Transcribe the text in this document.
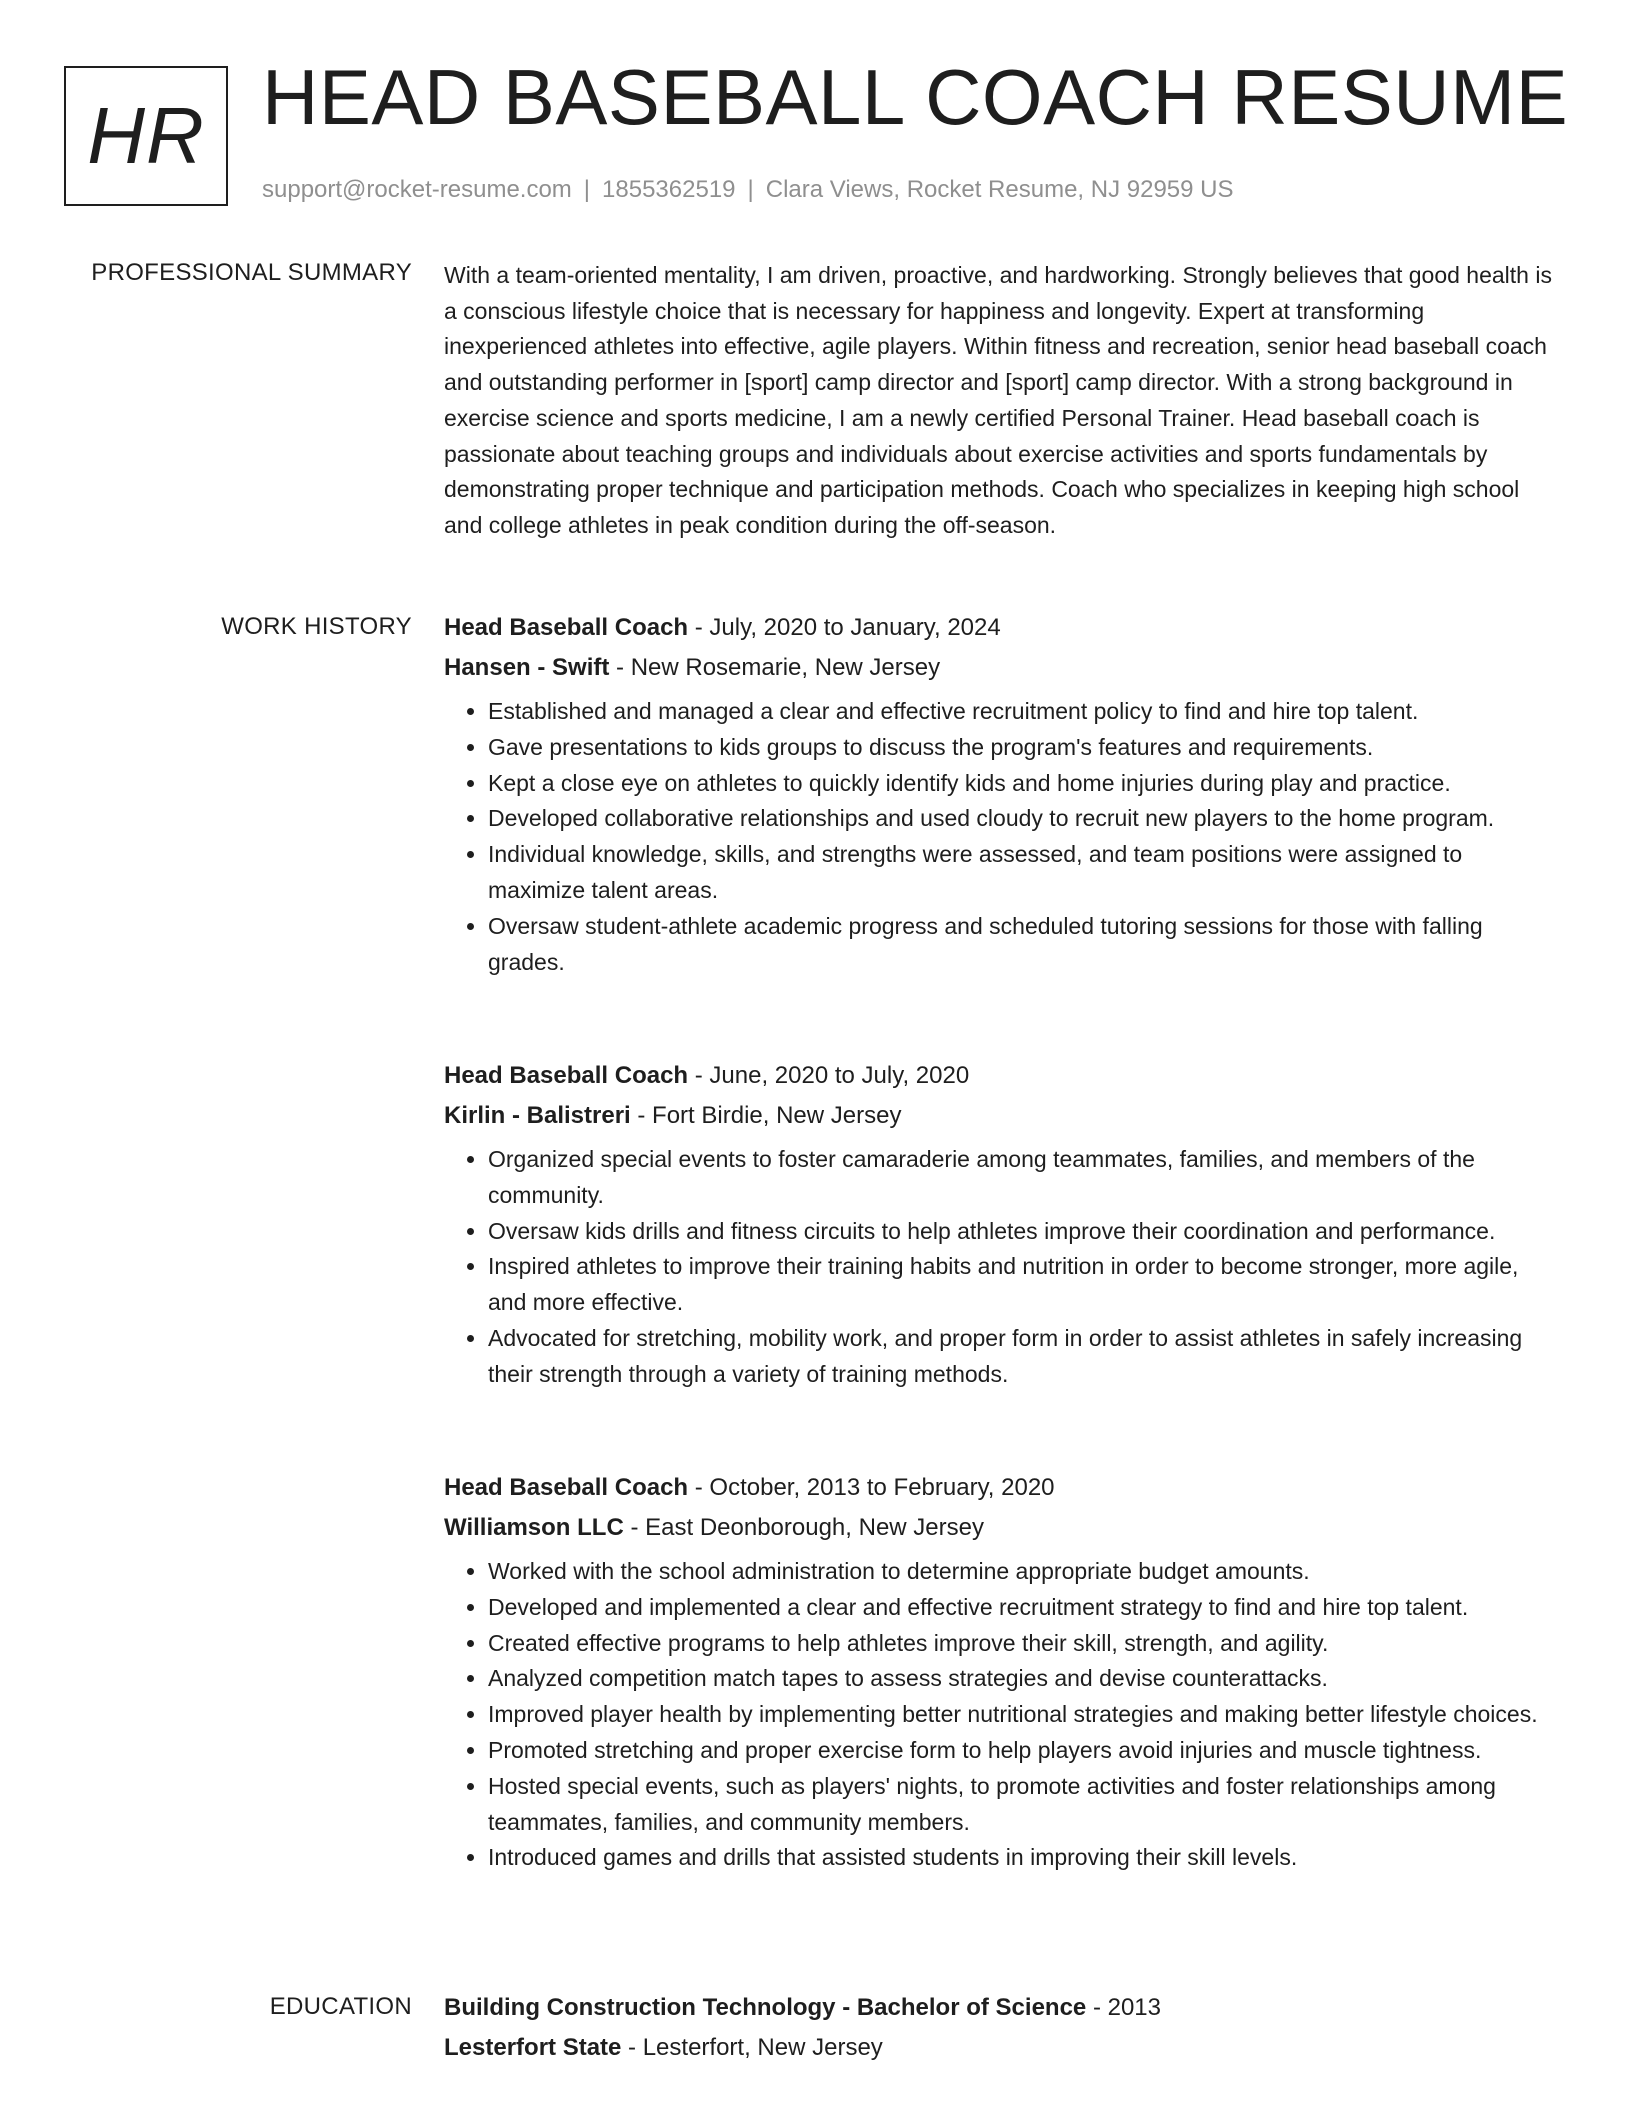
HR HEAD BASEBALL COACH RESUME
support@rocket-resume.com | 1855362519 | Clara Views, Rocket Resume, NJ 92959 US
PROFESSIONAL SUMMARY With a team-oriented mentality, I am driven, proactive, and hardworking. Strongly believes that good health is a conscious lifestyle choice that is necessary for happiness and longevity. Expert at transforming inexperienced athletes into effective, agile players. Within fitness and recreation, senior head baseball coach and outstanding performer in [sport] camp director and [sport] camp director. With a strong background in exercise science and sports medicine, I am a newly certified Personal Trainer. Head baseball coach is passionate about teaching groups and individuals about exercise activities and sports fundamentals by demonstrating proper technique and participation methods. Coach who specializes in keeping high school and college athletes in peak condition during the off-season.

WORK HISTORY Head Baseball Coach - July, 2020 to January, 2024
Hansen - Swift - New Rosemarie, New Jersey
• Established and managed a clear and effective recruitment policy to find and hire top talent.
• Gave presentations to kids groups to discuss the program's features and requirements.
• Kept a close eye on athletes to quickly identify kids and home injuries during play and practice.
• Developed collaborative relationships and used cloudy to recruit new players to the home program.
• Individual knowledge, skills, and strengths were assessed, and team positions were assigned to maximize talent areas.
• Oversaw student-athlete academic progress and scheduled tutoring sessions for those with falling grades.
Head Baseball Coach - June, 2020 to July, 2020
Kirlin - Balistreri - Fort Birdie, New Jersey
• Organized special events to foster camaraderie among teammates, families, and members of the community.
• Oversaw kids drills and fitness circuits to help athletes improve their coordination and performance.
• Inspired athletes to improve their training habits and nutrition in order to become stronger, more agile, and more effective.
• Advocated for stretching, mobility work, and proper form in order to assist athletes in safely increasing their strength through a variety of training methods.
Head Baseball Coach - October, 2013 to February, 2020
Williamson LLC - East Deonborough, New Jersey
• Worked with the school administration to determine appropriate budget amounts.
• Developed and implemented a clear and effective recruitment strategy to find and hire top talent.
• Created effective programs to help athletes improve their skill, strength, and agility.
• Analyzed competition match tapes to assess strategies and devise counterattacks.
• Improved player health by implementing better nutritional strategies and making better lifestyle choices.
• Promoted stretching and proper exercise form to help players avoid injuries and muscle tightness.
• Hosted special events, such as players' nights, to promote activities and foster relationships among teammates, families, and community members.
• Introduced games and drills that assisted students in improving their skill levels.
EDUCATION Building Construction Technology - Bachelor of Science - 2013
Lesterfort State - Lesterfort, New Jersey
